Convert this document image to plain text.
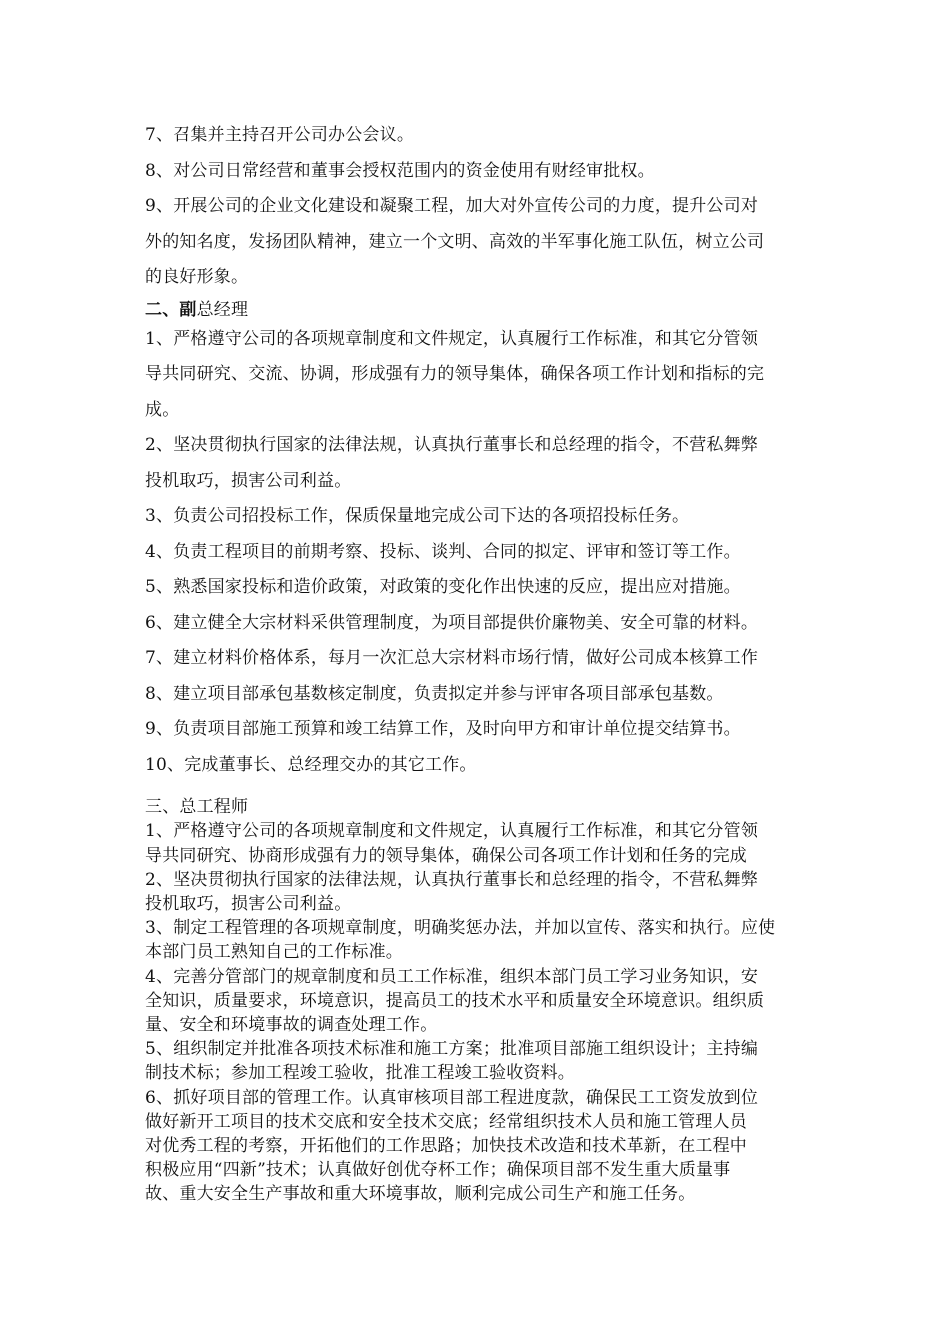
7、召集并主持召开公司办公会议。
8、对公司日常经营和董事会授权范围内的资金使用有财经审批权。
9、开展公司的企业文化建设和凝聚工程，加大对外宣传公司的力度，提升公司对
外的知名度，发扬团队精神，建立一个文明、高效的半军事化施工队伍，树立公司
的良好形象。
二、副总经理
1、严格遵守公司的各项规章制度和文件规定，认真履行工作标准，和其它分管领
导共同研究、交流、协调，形成强有力的领导集体，确保各项工作计划和指标的完
成。
2、坚决贯彻执行国家的法律法规，认真执行董事长和总经理的指令，不营私舞弊
投机取巧，损害公司利益。
3、负责公司招投标工作，保质保量地完成公司下达的各项招投标任务。
4、负责工程项目的前期考察、投标、谈判、合同的拟定、评审和签订等工作。
5、熟悉国家投标和造价政策，对政策的变化作出快速的反应，提出应对措施。
6、建立健全大宗材料采供管理制度，为项目部提供价廉物美、安全可靠的材料。
7、建立材料价格体系，每月一次汇总大宗材料市场行情，做好公司成本核算工作
8、建立项目部承包基数核定制度，负责拟定并参与评审各项目部承包基数。
9、负责项目部施工预算和竣工结算工作，及时向甲方和审计单位提交结算书。
10、完成董事长、总经理交办的其它工作。
三、总工程师
1、严格遵守公司的各项规章制度和文件规定，认真履行工作标准，和其它分管领
导共同研究、协商形成强有力的领导集体，确保公司各项工作计划和任务的完成
2、坚决贯彻执行国家的法律法规，认真执行董事长和总经理的指令，不营私舞弊
投机取巧，损害公司利益。
3、制定工程管理的各项规章制度，明确奖惩办法，并加以宣传、落实和执行。应使
本部门员工熟知自己的工作标准。
4、完善分管部门的规章制度和员工工作标准，组织本部门员工学习业务知识，安
全知识，质量要求，环境意识，提高员工的技术水平和质量安全环境意识。组织质
量、安全和环境事故的调查处理工作。
5、组织制定并批准各项技术标准和施工方案；批准项目部施工组织设计；主持编
制技术标；参加工程竣工验收，批准工程竣工验收资料。
6、抓好项目部的管理工作。认真审核项目部工程进度款，确保民工工资发放到位
做好新开工项目的技术交底和安全技术交底；经常组织技术人员和施工管理人员
对优秀工程的考察，开拓他们的工作思路；加快技术改造和技术革新，在工程中
积极应用“四新”技术；认真做好创优夺杯工作；确保项目部不发生重大质量事
故、重大安全生产事故和重大环境事故，顺利完成公司生产和施工任务。
